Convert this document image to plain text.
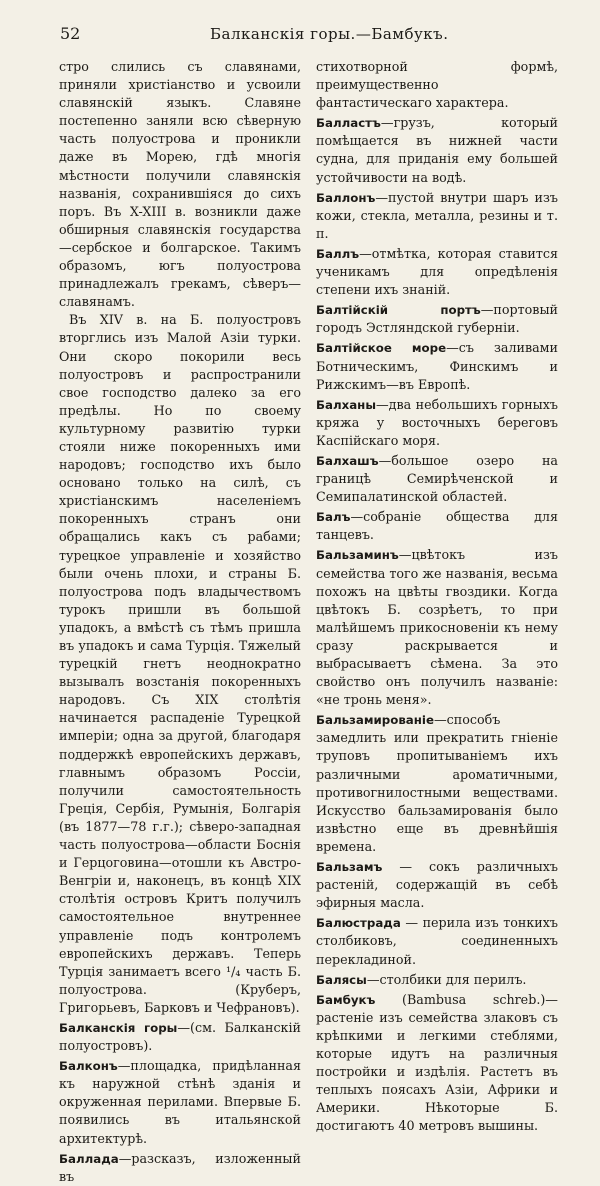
52	Балканскія горы.—Бамбукъ.

стро слились съ славянами, приняли христіанство и усвоили славянскій языкъ. Славяне постепенно заняли всю сѣверную часть полуострова и проникли даже въ Морею, гдѣ многія мѣстности получили славянскія названія, сохранившіяся до сихъ поръ. Въ X-XIII в. возникли даже обширныя славянскія государства—сербское и болгарское. Такимъ образомъ, югъ полуострова принадлежалъ грекамъ, сѣверъ—славянамъ.

Въ XIV в. на Б. полуостровъ вторглись изъ Малой Азіи турки. Они скоро покорили весь полуостровъ и распространили свое господство далеко за его предѣлы. Но по своему культурному развитію турки стояли ниже покоренныхъ ими народовъ; господство ихъ было основано только на силѣ, съ христіанскимъ населеніемъ покоренныхъ странъ они обращались какъ съ рабами; турецкое управленіе и хозяйство были очень плохи, и страны Б. полуострова подъ владычествомъ турокъ пришли въ большой упадокъ, а вмѣстѣ съ тѣмъ пришла въ упадокъ и сама Турція. Тяжелый турецкій гнетъ неоднократно вызывалъ возстанія покоренныхъ народовъ. Съ XIX столѣтія начинается распаденіе Турецкой имперіи; одна за другой, благодаря поддержкѣ европейскихъ державъ, главнымъ образомъ Россіи, получили самостоятельность Греція, Сербія, Румынія, Болгарія (въ 1877—78 г.г.); сѣверо-западная часть полуострова—области Боснія и Герцоговина—отошли къ Австро-Венгріи и, наконецъ, въ концѣ XIX столѣтія островъ Критъ получилъ самостоятельное внутреннее управленіе подъ контролемъ европейскихъ державъ. Теперь Турція занимаетъ всего ¹/₄ часть Б. полуострова. (Круберъ, Григорьевъ, Барковъ и Чефрановъ).

Балканскія горы—(см. Балканскій полуостровъ).

Балконъ—площадка, придѣланная къ наружной стѣнѣ зданія и окруженная перилами. Впервые Б. появились въ итальянской архитектурѣ.

Баллада—разсказъ, изложенный въ

стихотворной формѣ, преимущественно фантастическаго характера.

Балластъ—грузъ, который помѣщается въ нижней части судна, для приданія ему большей устойчивости на водѣ.

Баллонъ—пустой внутри шаръ изъ кожи, стекла, металла, резины и т. п.

Баллъ—отмѣтка, которая ставится ученикамъ для опредѣленія степени ихъ знаній.

Балтійскій портъ—портовый городъ Эстляндской губерніи.

Балтійское море—съ заливами Ботническимъ, Финскимъ и Рижскимъ—въ Европѣ.

Балханы—два небольшихъ горныхъ кряжа у восточныхъ береговъ Каспійскаго моря.

Балхашъ—большое озеро на границѣ Семирѣченской и Семипалатинской областей.

Балъ—собраніе общества для танцевъ.

Бальзаминъ—цвѣтокъ изъ семейства того же названія, весьма похожъ на цвѣты гвоздики. Когда цвѣтокъ Б. созрѣетъ, то при малѣйшемъ прикосновеніи къ нему сразу раскрывается и выбрасываетъ сѣмена. За это свойство онъ получилъ названіе: «не тронь меня».

Бальзамированіе—способъ замедлить или прекратить гніеніе труповъ пропитываніемъ ихъ различными ароматичными, противогнилостными веществами. Искусство бальзамированія было извѣстно еще въ древнѣйшія времена.

Бальзамъ — сокъ различныхъ растеній, содержащій въ себѣ эфирныя масла.

Балюстрада — перила изъ тонкихъ столбиковъ, соединенныхъ перекладиной.

Балясы—столбики для перилъ.

Бамбукъ (Bambusa schreb.)—растеніе изъ семейства злаковъ съ крѣпкими и легкими стеблями, которые идутъ на различныя постройки и издѣлія. Растетъ въ теплыхъ поясахъ Азіи, Африки и Америки. Нѣкоторые Б. достигаютъ 40 метровъ вышины.
